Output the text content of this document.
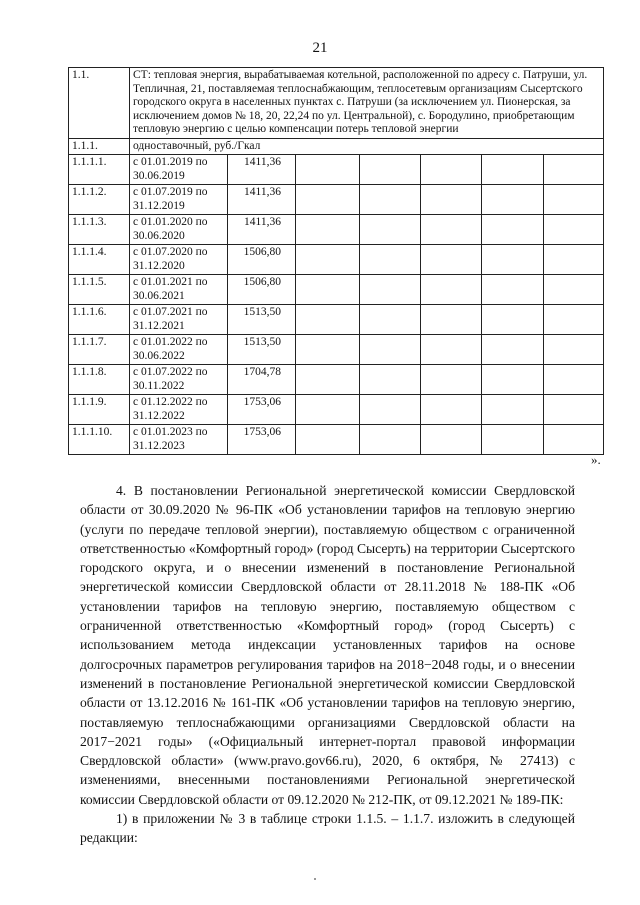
21
1.1.	СТ: тепловая энергия, вырабатываемая котельной, расположенной по адресу с. Патруши, ул. Тепличная, 21, поставляемая теплоснабжающим, теплосетевым организациям Сысертского городского округа в населенных пунктах с. Патруши (за исключением ул. Пионерская, за исключением домов № 18, 20, 22,24 по ул. Центральной), с. Бородулино, приобретающим тепловую энергию с целью компенсации потерь тепловой энергии						
1.1.1.	одноставочный, руб./Гкал						
1.1.1.1.	с 01.01.2019 по 30.06.2019	1411,36					
1.1.1.2.	с 01.07.2019 по 31.12.2019	1411,36					
1.1.1.3.	с 01.01.2020 по 30.06.2020	1411,36					
1.1.1.4.	с 01.07.2020 по 31.12.2020	1506,80					
1.1.1.5.	с 01.01.2021 по 30.06.2021	1506,80					
1.1.1.6.	с 01.07.2021 по 31.12.2021	1513,50					
1.1.1.7.	с 01.01.2022 по 30.06.2022	1513,50					
1.1.1.8.	с 01.07.2022 по 30.11.2022	1704,78					
1.1.1.9.	с 01.12.2022 по 31.12.2022	1753,06					
1.1.1.10.	с 01.01.2023 по 31.12.2023	1753,06					
».

4. В постановлении Региональной энергетической комиссии Свердловской области от 30.09.2020 № 96-ПК «Об установлении тарифов на тепловую энергию (услуги по передаче тепловой энергии), поставляемую обществом с ограниченной ответственностью «Комфортный город» (город Сысерть) на территории Сысертского городского округа, и о внесении изменений в постановление Региональной энергетической комиссии Свердловской области от 28.11.2018 № 188-ПК «Об установлении тарифов на тепловую энергию, поставляемую обществом с ограниченной ответственностью «Комфортный город» (город Сысерть) с использованием метода индексации установленных тарифов на основе долгосрочных параметров регулирования тарифов на 2018−2048 годы, и о внесении изменений в постановление Региональной энергетической комиссии Свердловской области от 13.12.2016 № 161-ПК «Об установлении тарифов на тепловую энергию, поставляемую теплоснабжающими организациями Свердловской области на 2017−2021 годы» («Официальный интернет-портал правовой информации Свердловской области» (www.pravo.gov66.ru), 2020, 6 октября, № 27413) с изменениями, внесенными постановлениями Региональной энергетической комиссии Свердловской области от 09.12.2020 № 212-ПК, от 09.12.2021 № 189-ПК:

1) в приложении № 3 в таблице строки 1.1.5. – 1.1.7. изложить в следующей редакции:
